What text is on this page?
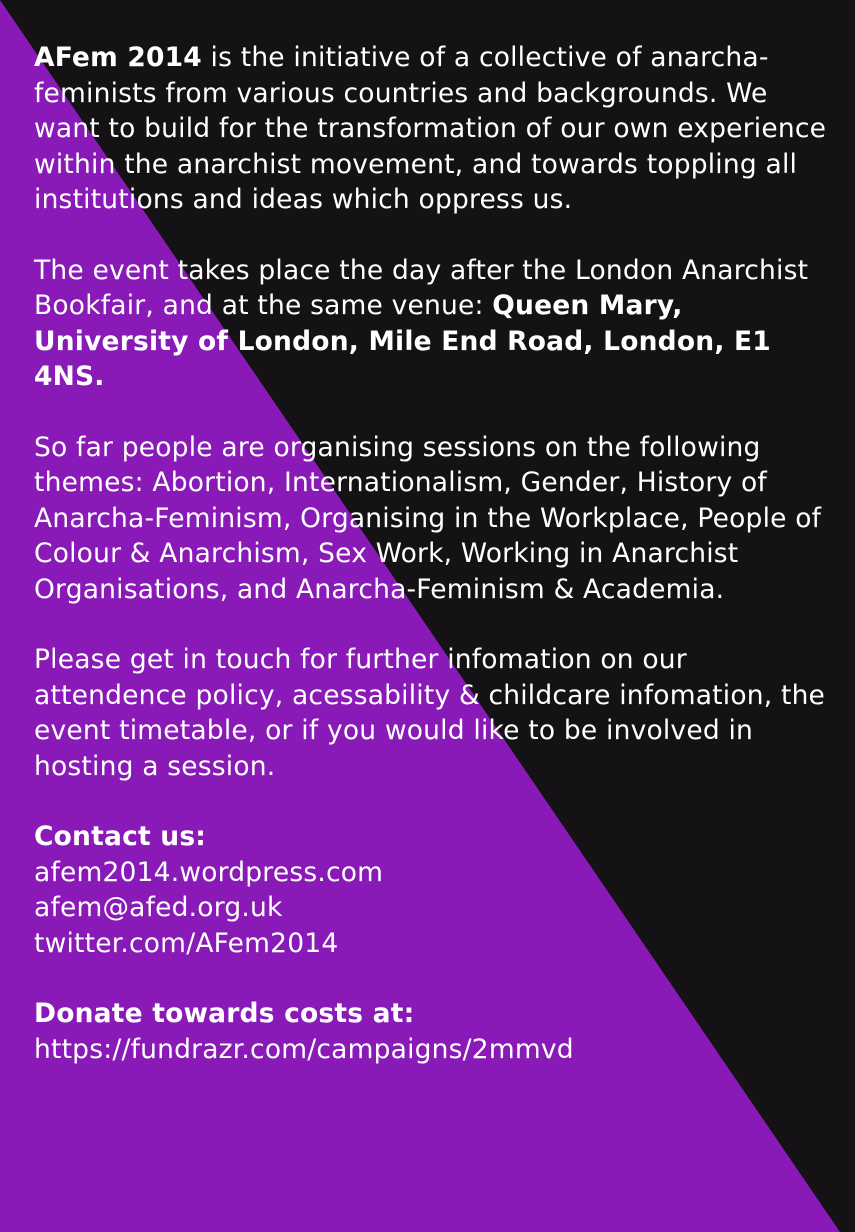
AFem 2014 is the initiative of a collective of anarcha-feminists from various countries and backgrounds. We want to build for the transformation of our own experience within the anarchist movement, and towards toppling all institutions and ideas which oppress us.

The event takes place the day after the London Anarchist Bookfair, and at the same venue: Queen Mary, University of London, Mile End Road, London, E1 4NS.

So far people are organising sessions on the following themes: Abortion, Internationalism, Gender, History of Anarcha-Feminism, Organising in the Workplace, People of Colour & Anarchism, Sex Work, Working in Anarchist Organisations, and Anarcha-Feminism & Academia.

Please get in touch for further infomation on our attendence policy, acessability & childcare infomation, the event timetable, or if you would like to be involved in hosting a session.

Contact us:
afem2014.wordpress.com
afem@afed.org.uk
twitter.com/AFem2014

Donate towards costs at:
https://fundrazr.com/campaigns/2mmvd
